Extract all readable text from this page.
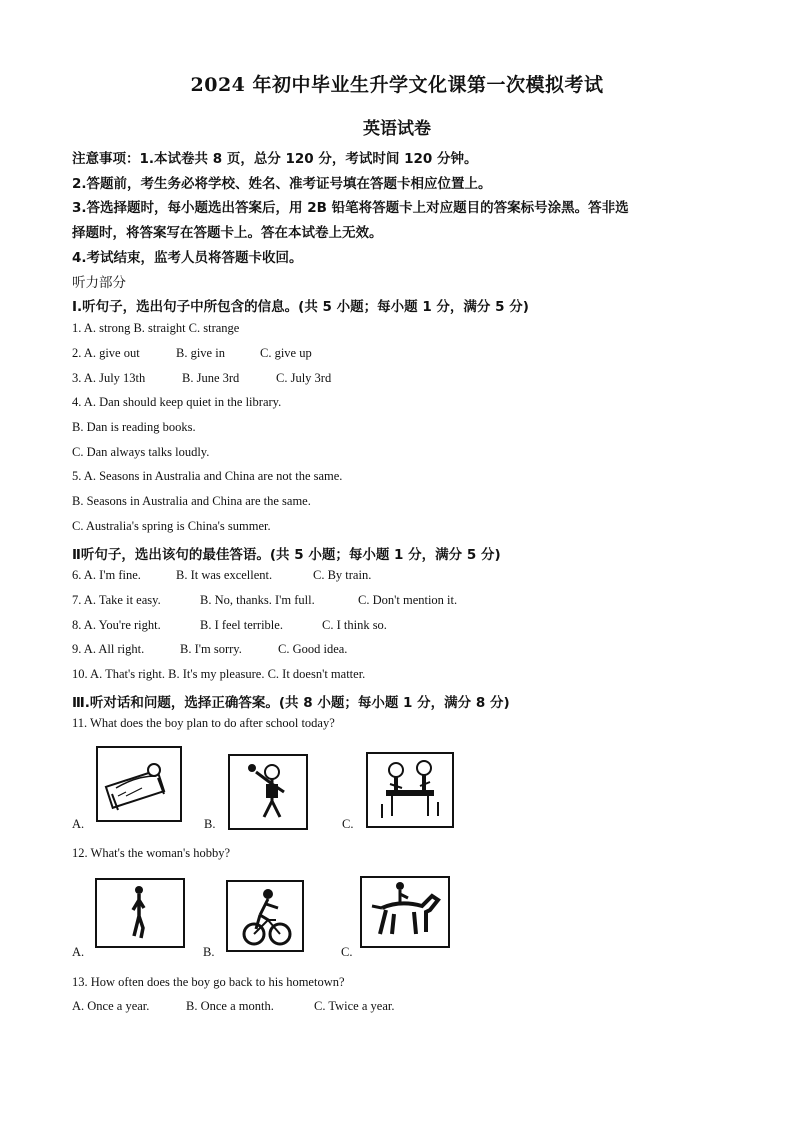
2024 年初中毕业生升学文化课第一次模拟考试
英语试卷
注意事项：1.本试卷共 8 页，总分 120 分，考试时间 120 分钟。
2.答题前，考生务必将学校、姓名、准考证号填在答题卡相应位置上。
3.答选择题时，每小题选出答案后，用 2B 铅笔将答题卡上对应题目的答案标号涂黑。答非选
择题时，将答案写在答题卡上。答在本试卷上无效。
4.考试结束，监考人员将答题卡收回。
听力部分
Ⅰ.听句子，选出句子中所包含的信息。(共 5 小题；每小题 1 分，满分 5 分)
1. A. strong B. straight C. strange
2. A. give out	B. give in	C. give up
3. A. July 13th	B. June 3rd	C. July 3rd
4. A. Dan should keep quiet in the library.
B. Dan is reading books.
C. Dan always talks loudly.
5. A. Seasons in Australia and China are not the same.
B. Seasons in Australia and China are the same.
C. Australia's spring is China's summer.
Ⅱ听句子，选出该句的最佳答语。(共 5 小题；每小题 1 分，满分 5 分)
6. A. I'm fine.	B. It was excellent.	C. By train.
7. A. Take it easy.	B. No, thanks. I'm full.	C. Don't mention it.
8. A. You're right.	B. I feel terrible.	C. I think so.
9. A. All right.	B. I'm sorry.	C. Good idea.
10. A. That's right. B. It's my pleasure. C. It doesn't matter.
Ⅲ.听对话和问题，选择正确答案。(共 8 小题；每小题 1 分，满分 8 分)
11. What does the boy plan to do after school today?
A.	B.	C.
12. What's the woman's hobby?
A.	B.	C.
13. How often does the boy go back to his hometown?
A. Once a year.	B. Once a month.	C. Twice a year.
